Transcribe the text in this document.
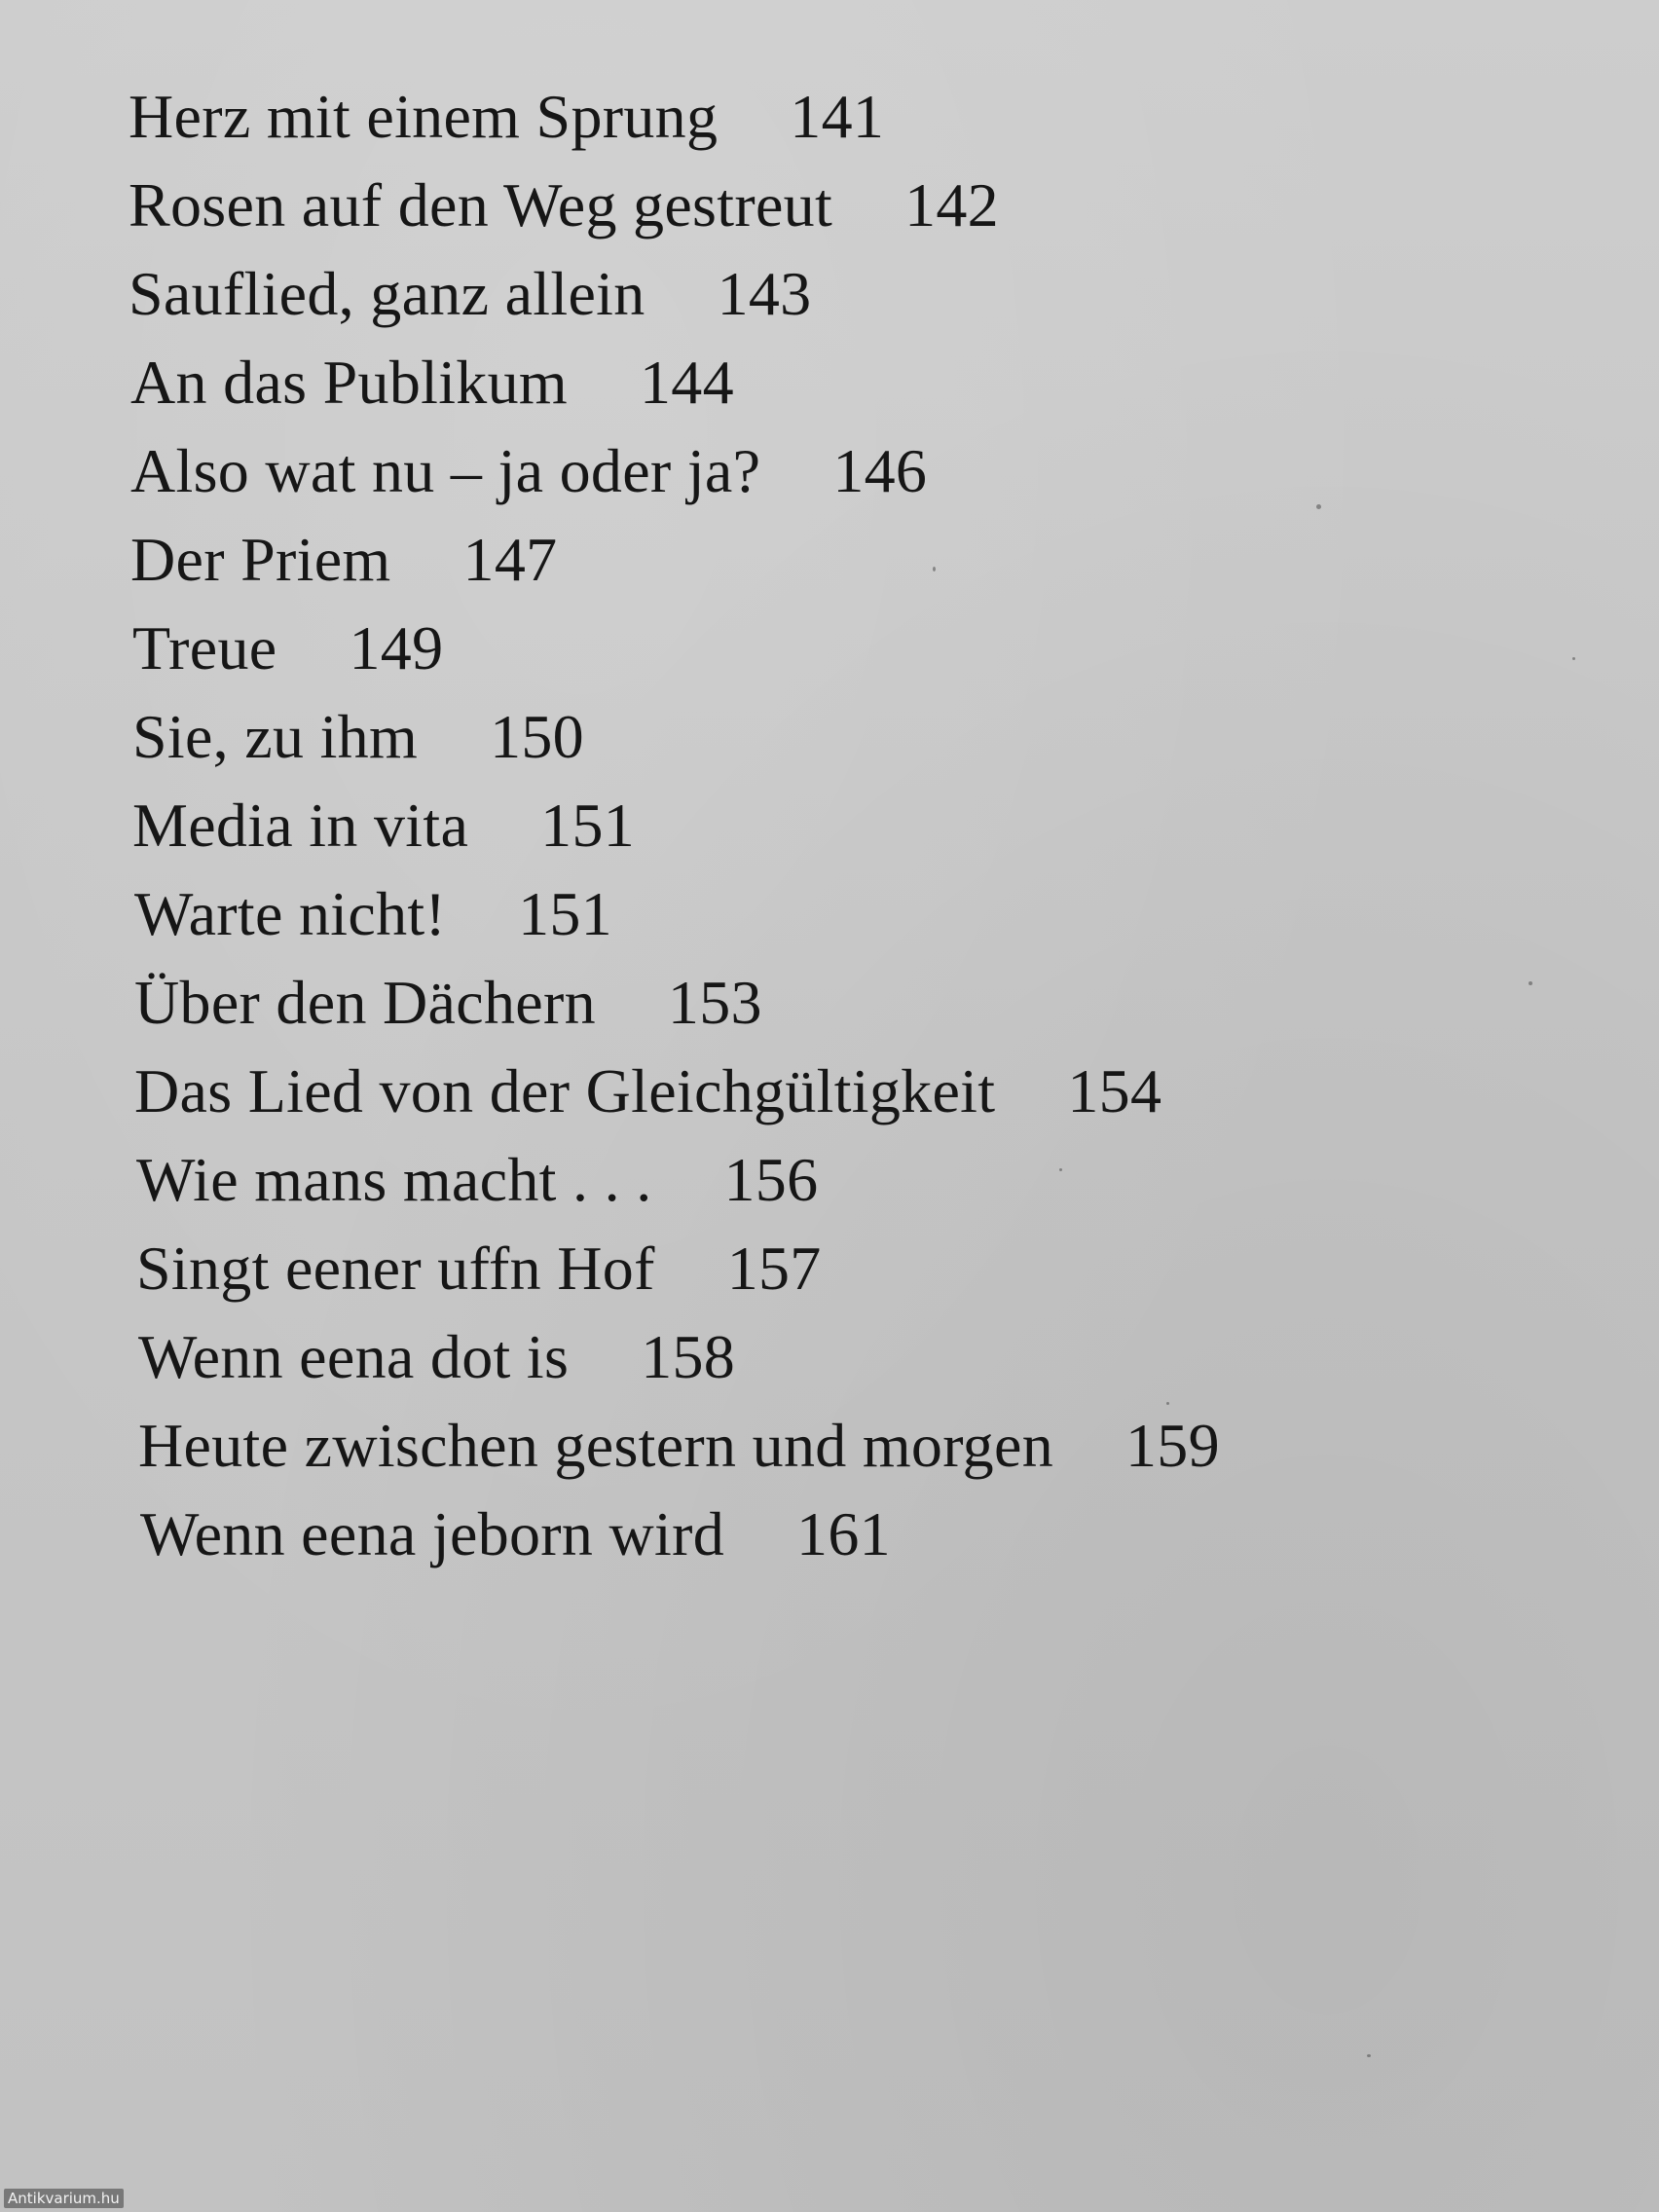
Herz mit einem Sprung 141
Rosen auf den Weg gestreut 142
Sauflied, ganz allein 143
An das Publikum 144
Also wat nu – ja oder ja? 146
Der Priem 147
Treue 149
Sie, zu ihm 150
Media in vita 151
Warte nicht! 151
Über den Dächern 153
Das Lied von der Gleichgültigkeit 154
Wie mans macht . . . 156
Singt eener uffn Hof 157
Wenn eena dot is 158
Heute zwischen gestern und morgen 159
Wenn eena jeborn wird 161
Antikvarium.hu
